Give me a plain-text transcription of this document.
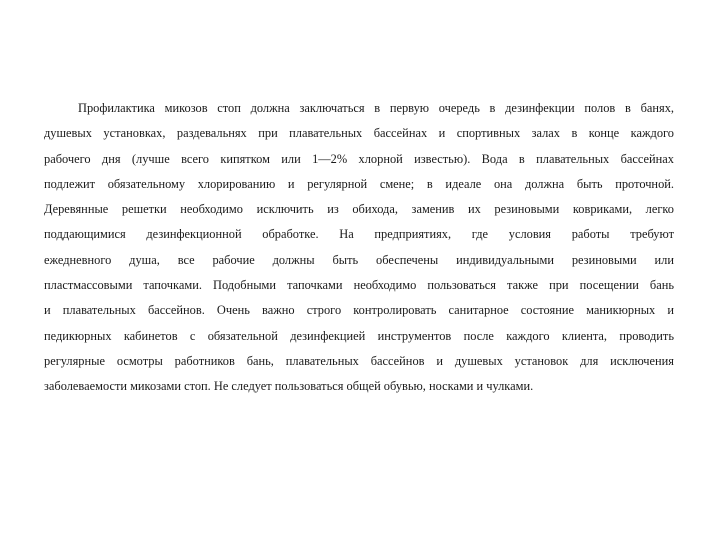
Профилактика микозов стоп должна заключаться в первую очередь в дезинфекции полов в банях,
душевых установках, раздевальнях при плавательных бассейнах и спортивных залах в конце каждого
рабочего дня (лучше всего кипятком или 1—2% хлорной известью). Вода в плавательных бассейнах
подлежит обязательному хлорированию и регулярной смене; в идеале она должна быть проточной.
Деревянные решетки необходимо исключить из обихода, заменив их резиновыми ковриками, легко
поддающимися дезинфекционной обработке. На предприятиях, где условия работы требуют
ежедневного душа, все рабочие должны быть обеспечены индивидуальными резиновыми или
пластмассовыми тапочками. Подобными тапочками необходимо пользоваться также при посещении бань
и плавательных бассейнов. Очень важно строго контролировать санитарное состояние маникюрных и
педикюрных кабинетов с обязательной дезинфекцией инструментов после каждого клиента, проводить
регулярные осмотры работников бань, плавательных бассейнов и душевых установок для исключения
заболеваемости микозами стоп. Не следует пользоваться общей обувью, носками и чулками.
